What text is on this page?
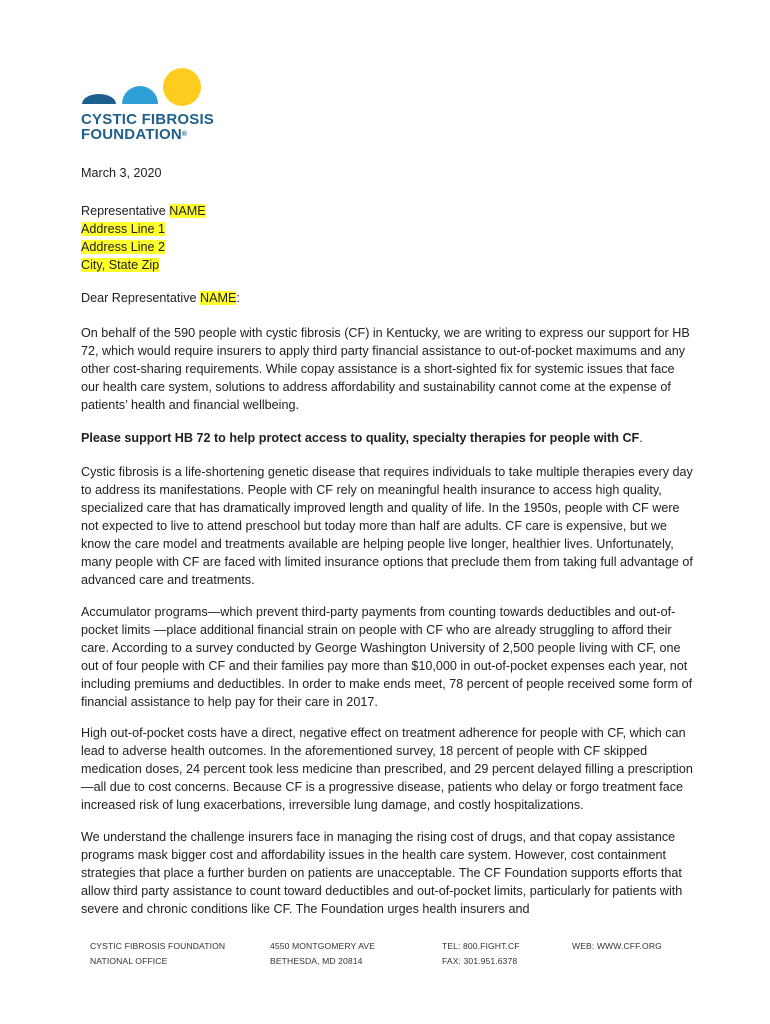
CYSTIC FIBROSIS
FOUNDATION®
March 3, 2020
Representative NAME
Address Line 1
Address Line 2
City, State Zip
Dear Representative NAME:

On behalf of the 590 people with cystic fibrosis (CF) in Kentucky, we are writing to express our support for HB 72, which would require insurers to apply third party financial assistance to out-of-pocket maximums and any other cost-sharing requirements. While copay assistance is a short-sighted fix for systemic issues that face our health care system, solutions to address affordability and sustainability cannot come at the expense of patients’ health and financial wellbeing.

Please support HB 72 to help protect access to quality, specialty therapies for people with CF.

Cystic fibrosis is a life-shortening genetic disease that requires individuals to take multiple therapies every day to address its manifestations. People with CF rely on meaningful health insurance to access high quality, specialized care that has dramatically improved length and quality of life. In the 1950s, people with CF were not expected to live to attend preschool but today more than half are adults. CF care is expensive, but we know the care model and treatments available are helping people live longer, healthier lives. Unfortunately, many people with CF are faced with limited insurance options that preclude them from taking full advantage of advanced care and treatments.

Accumulator programs—which prevent third-party payments from counting towards deductibles and out-of-pocket limits —place additional financial strain on people with CF who are already struggling to afford their care. According to a survey conducted by George Washington University of 2,500 people living with CF, one out of four people with CF and their families pay more than $10,000 in out-of-pocket expenses each year, not including premiums and deductibles. In order to make ends meet, 78 percent of people received some form of financial assistance to help pay for their care in 2017.

High out-of-pocket costs have a direct, negative effect on treatment adherence for people with CF, which can lead to adverse health outcomes. In the aforementioned survey, 18 percent of people with CF skipped medication doses, 24 percent took less medicine than prescribed, and 29 percent delayed filling a prescription—all due to cost concerns. Because CF is a progressive disease, patients who delay or forgo treatment face increased risk of lung exacerbations, irreversible lung damage, and costly hospitalizations.

We understand the challenge insurers face in managing the rising cost of drugs, and that copay assistance programs mask bigger cost and affordability issues in the health care system. However, cost containment strategies that place a further burden on patients are unacceptable. The CF Foundation supports efforts that allow third party assistance to count toward deductibles and out-of-pocket limits, particularly for patients with severe and chronic conditions like CF. The Foundation urges health insurers and

CYSTIC FIBROSIS FOUNDATION
NATIONAL OFFICE
4550 MONTGOMERY AVE
BETHESDA, MD 20814
TEL: 800.FIGHT.CF
FAX: 301.951.6378
WEB: WWW.CFF.ORG
